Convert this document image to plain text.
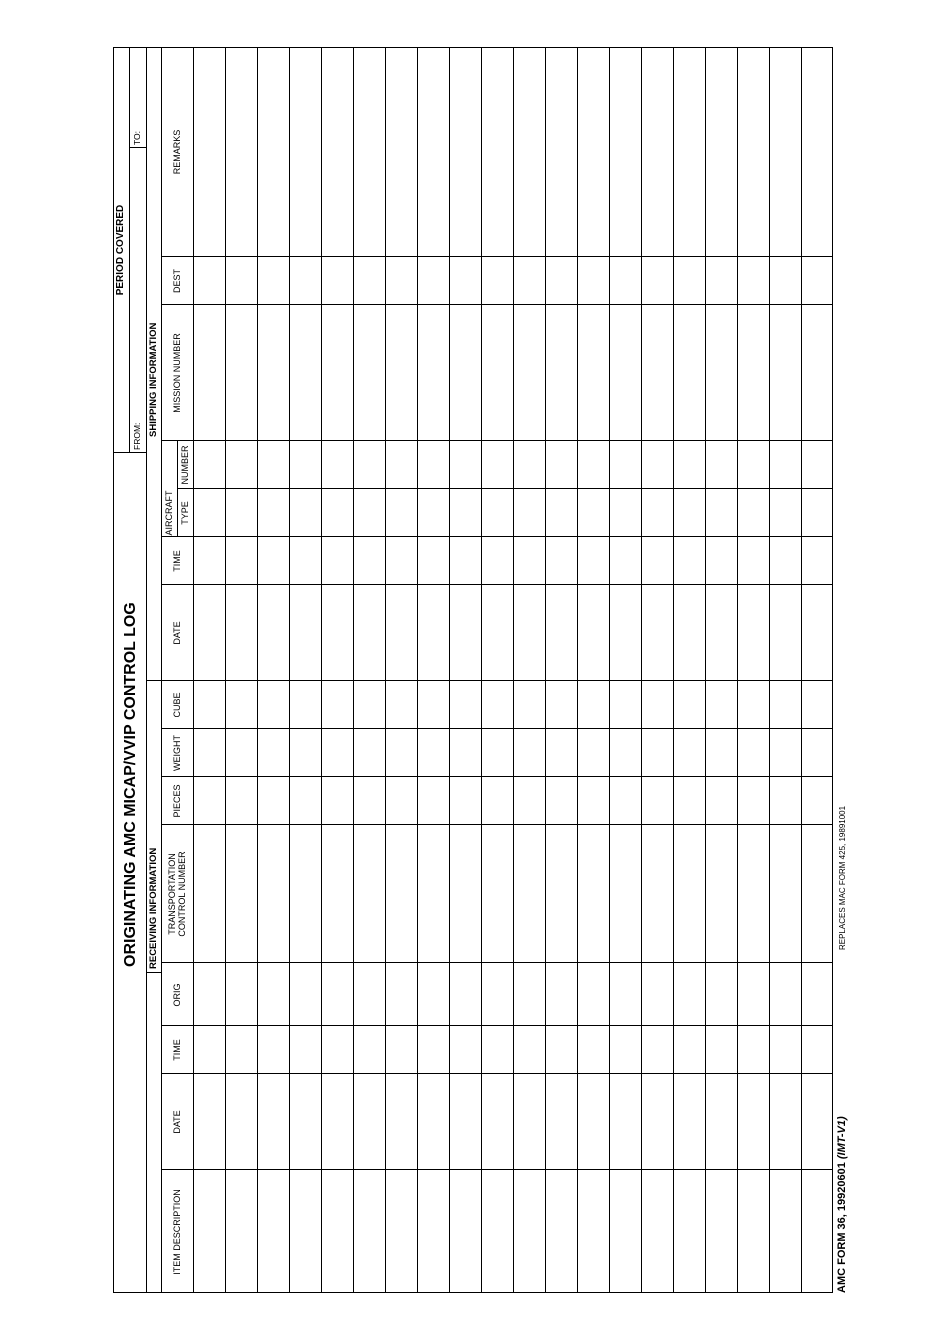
ORIGINATING AMC MICAP/VVIP CONTROL LOG
PERIOD COVERED
FROM:
TO:
RECEIVING INFORMATION
SHIPPING INFORMATION
AIRCRAFT
ITEM DESCRIPTION
DATE
TIME
ORIG
TRANSPORTATION CONTROL NUMBER
PIECES
WEIGHT
CUBE
DATE
TIME
TYPE
NUMBER
MISSION NUMBER
DEST
REMARKS
AMC FORM 36, 19920601 (IMT-V1)
REPLACES MAC FORM 425, 19891001
